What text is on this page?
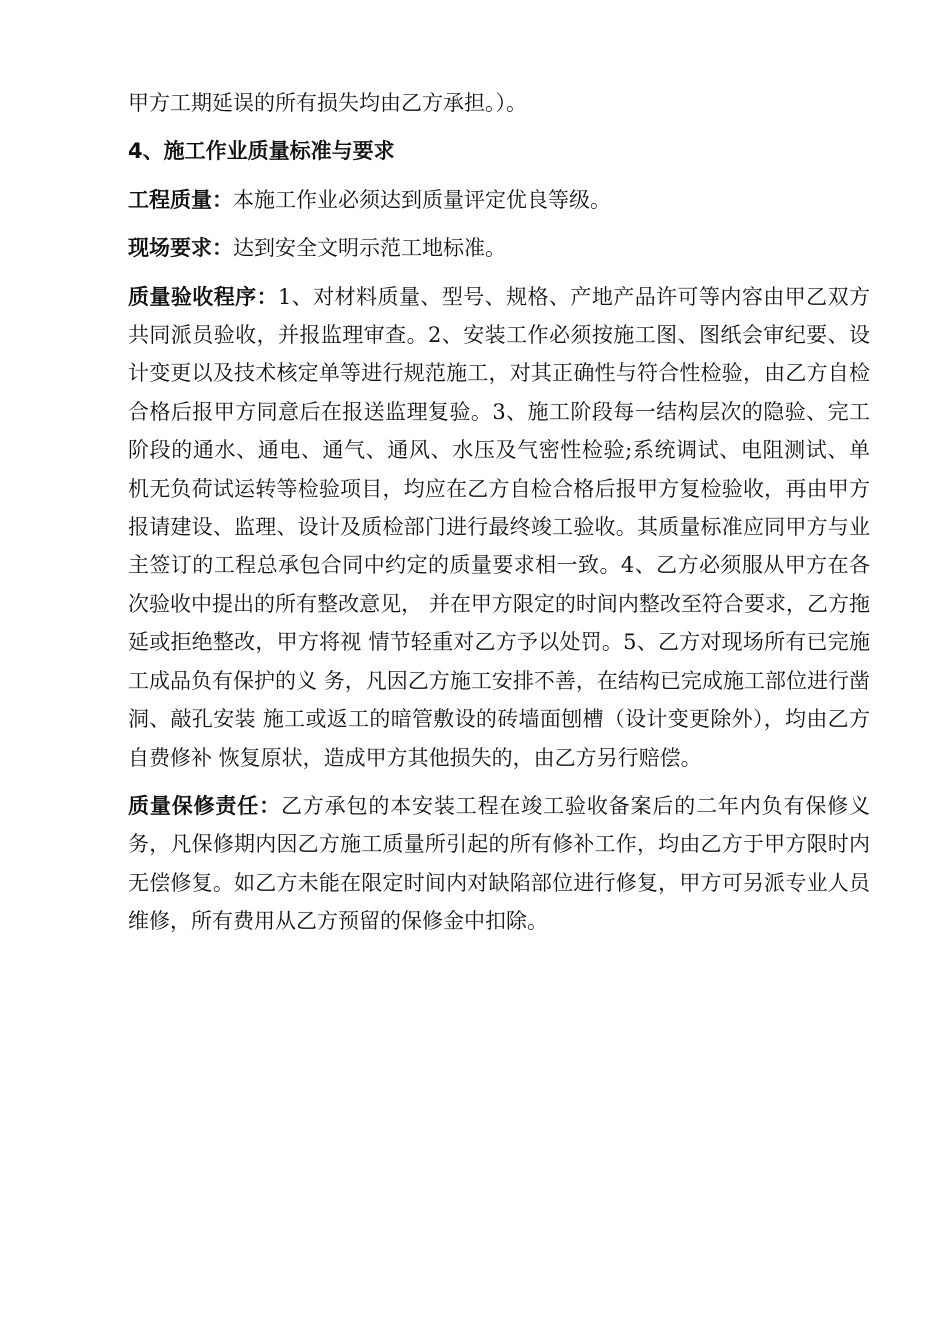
甲方工期延误的所有损失均由乙方承担。）。

4、施工作业质量标准与要求

工程质量：本施工作业必须达到质量评定优良等级。

现场要求：达到安全文明示范工地标准。

质量验收程序：1、对材料质量、型号、规格、产地产品许可等内容由甲乙双方共同派员验收，并报监理审查。2、安装工作必须按施工图、图纸会审纪要、设计变更以及技术核定单等进行规范施工，对其正确性与符合性检验，由乙方自检合格后报甲方同意后在报送监理复验。3、施工阶段每一结构层次的隐验、完工阶段的通水、通电、通气、通风、水压及气密性检验;系统调试、电阻测试、单机无负荷试运转等检验项目，均应在乙方自检合格后报甲方复检验收，再由甲方报请建设、监理、设计及质检部门进行最终竣工验收。其质量标准应同甲方与业主签订的工程总承包合同中约定的质量要求相一致。4、乙方必须服从甲方在各次验收中提出的所有整改意见， 并在甲方限定的时间内整改至符合要求，乙方拖延或拒绝整改，甲方将视 情节轻重对乙方予以处罚。5、乙方对现场所有已完施工成品负有保护的义 务，凡因乙方施工安排不善，在结构已完成施工部位进行凿洞、敲孔安装 施工或返工的暗管敷设的砖墙面刨槽（设计变更除外），均由乙方自费修补 恢复原状，造成甲方其他损失的，由乙方另行赔偿。

质量保修责任：乙方承包的本安装工程在竣工验收备案后的二年内负有保修义务，凡保修期内因乙方施工质量所引起的所有修补工作，均由乙方于甲方限时内无偿修复。如乙方未能在限定时间内对缺陷部位进行修复，甲方可另派专业人员维修，所有费用从乙方预留的保修金中扣除。
